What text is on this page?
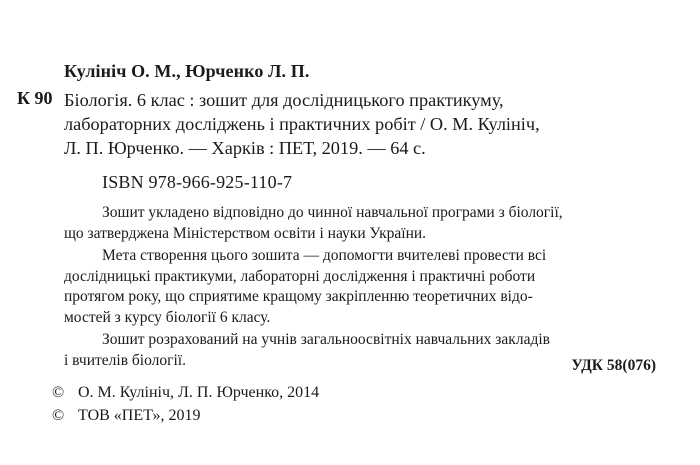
Кулініч О. М., Юрченко Л. П.
К 90 Біологія. 6 клас : зошит для дослідницького практикуму,
лабораторних досліджень і практичних робіт / О. М. Кулініч,
Л. П. Юрченко. — Харків : ПЕТ, 2019. — 64 с.
ISBN 978-966-925-110-7
Зошит укладено відповідно до чинної навчальної програми з біології,
що затверджена Міністерством освіти і науки України.
Мета створення цього зошита — допомогти вчителеві провести всі
дослідницькі практикуми, лабораторні дослідження і практичні роботи
протягом року, що сприятиме кращому закріпленню теоретичних відо-
мостей з курсу біології 6 класу.
Зошит розрахований на учнів загальноосвітніх навчальних закладів
і вчителів біології.	УДК 58(076)
© О. М. Кулініч, Л. П. Юрченко, 2014
© ТОВ «ПЕТ», 2019
